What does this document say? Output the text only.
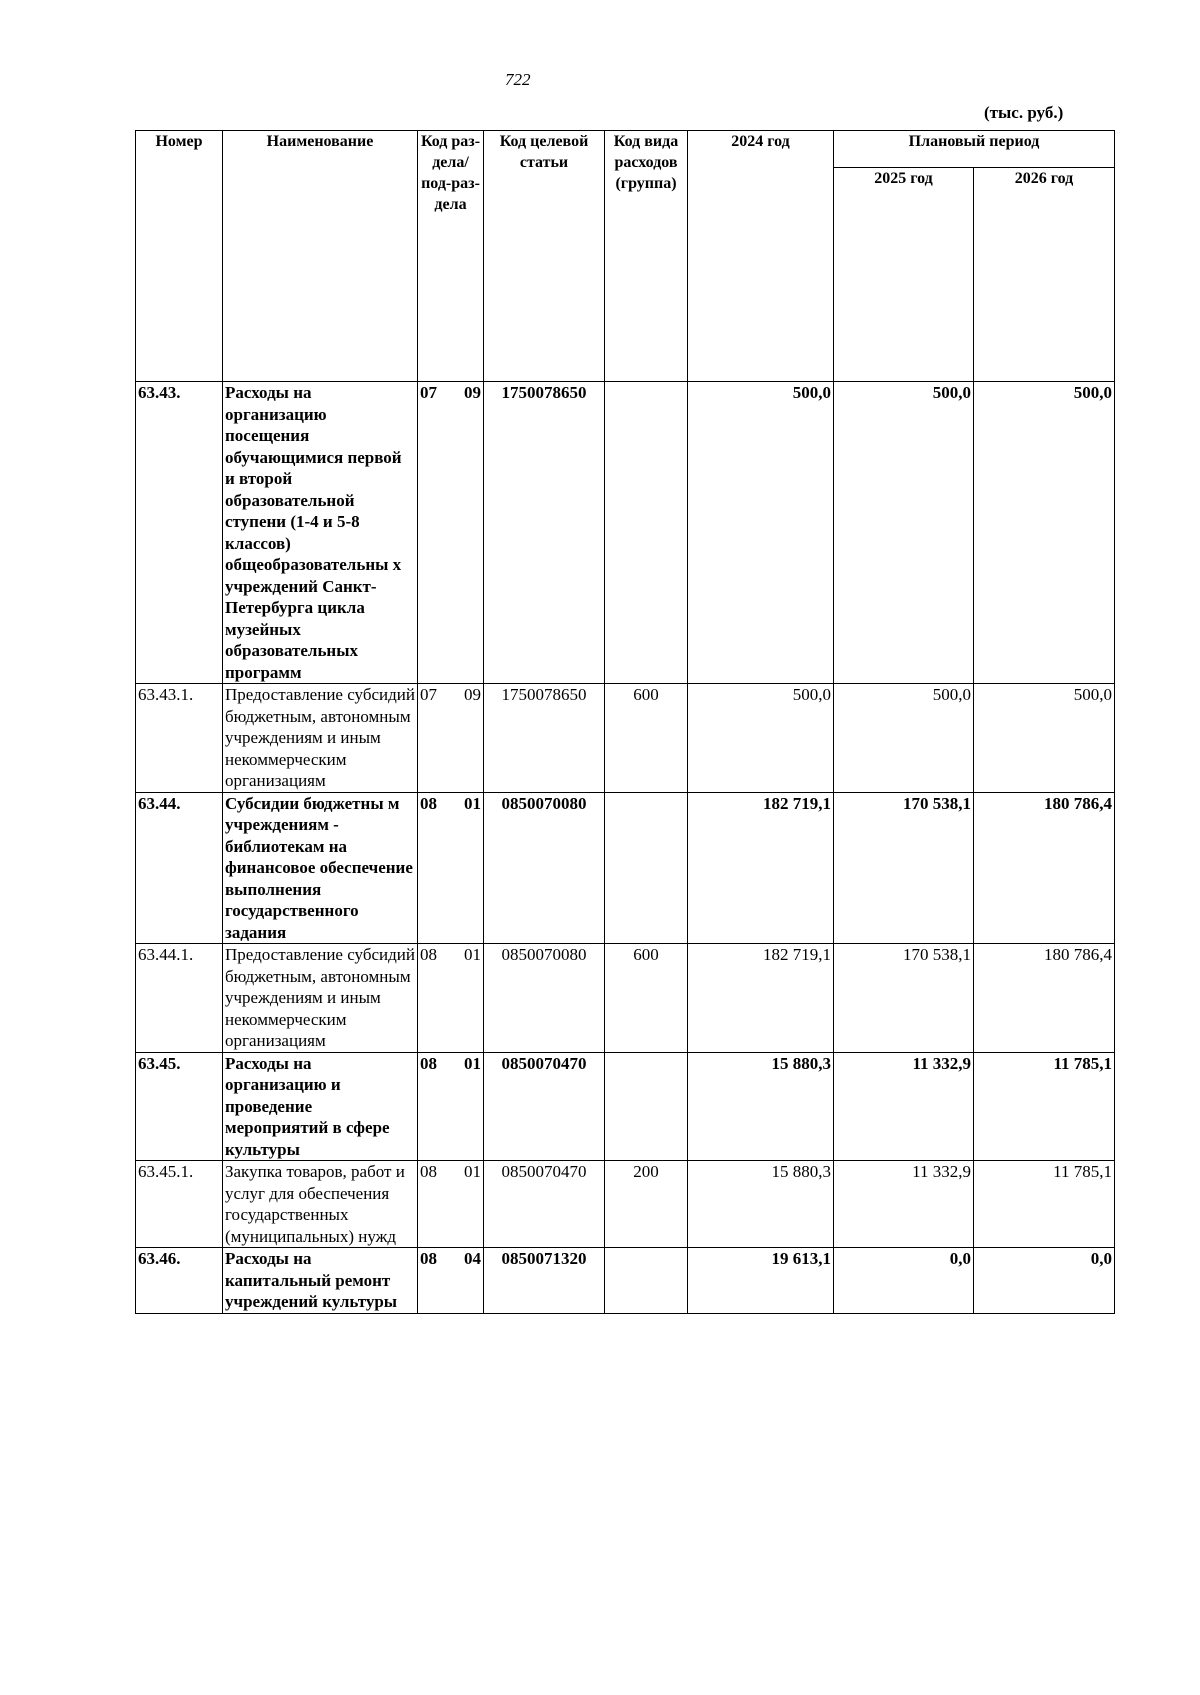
722
(тыс. руб.)
Номер	Наименование	Код раз-дела/ под-раз-дела	Код целевой статьи	Код вида расходов (группа)	2024 год	Плановый период	
						2025 год	2026 год
63.43.	Расходы на организацию посещения обучающимися первой и второй образовательной ступени (1-4 и 5-8 классов) общеобразовательны х учреждений Санкт-Петербурга цикла музейных образовательных программ	07 09	1750078650		500,0	500,0	500,0
63.43.1.	Предоставление субсидий бюджетным, автономным учреждениям и иным некоммерческим организациям	07 09	1750078650	600	500,0	500,0	500,0
63.44.	Субсидии бюджетны м учреждениям - библиотекам на финансовое обеспечение выполнения государственного задания	08 01	0850070080		182 719,1	170 538,1	180 786,4
63.44.1.	Предоставление субсидий бюджетным, автономным учреждениям и иным некоммерческим организациям	08 01	0850070080	600	182 719,1	170 538,1	180 786,4
63.45.	Расходы на организацию и проведение мероприятий в сфере культуры	08 01	0850070470		15 880,3	11 332,9	11 785,1
63.45.1.	Закупка товаров, работ и услуг для обеспечения государственных (муниципальных) нужд	08 01	0850070470	200	15 880,3	11 332,9	11 785,1
63.46.	Расходы на капитальный ремонт учреждений культуры	08 04	0850071320		19 613,1	0,0	0,0
